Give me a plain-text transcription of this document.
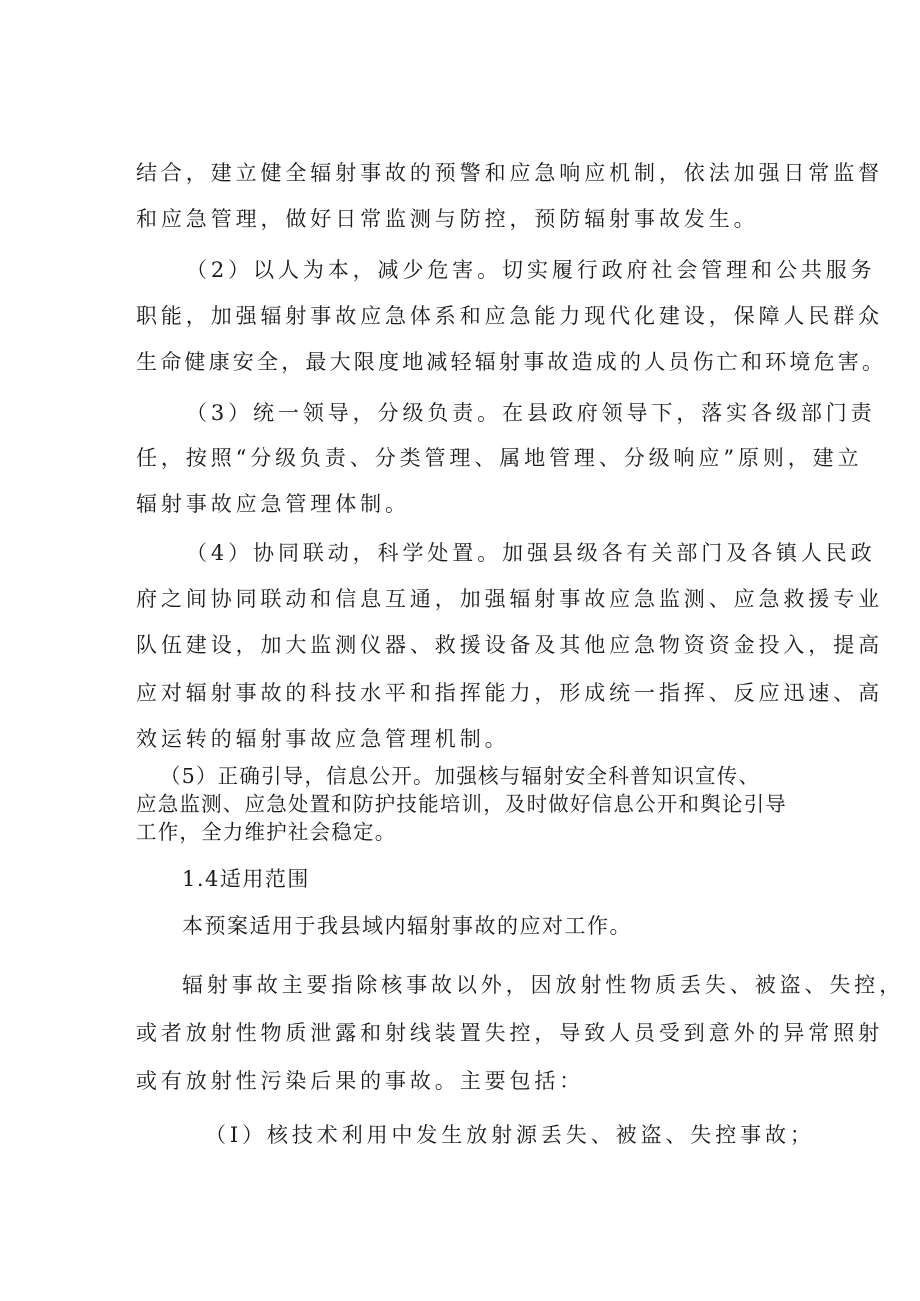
结合，建立健全辐射事故的预警和应急响应机制，依法加强日常监督

和应急管理，做好日常监测与防控，预防辐射事故发生。

（2）以人为本，减少危害。切实履行政府社会管理和公共服务

职能，加强辐射事故应急体系和应急能力现代化建设，保障人民群众

生命健康安全，最大限度地减轻辐射事故造成的人员伤亡和环境危害。

（3）统一领导，分级负责。在县政府领导下，落实各级部门责

任，按照“分级负责、分类管理、属地管理、分级响应”原则，建立

辐射事故应急管理体制。

（4）协同联动，科学处置。加强县级各有关部门及各镇人民政

府之间协同联动和信息互通，加强辐射事故应急监测、应急救援专业

队伍建设，加大监测仪器、救援设备及其他应急物资资金投入，提高

应对辐射事故的科技水平和指挥能力，形成统一指挥、反应迅速、高

效运转的辐射事故应急管理机制。

（5）正确引导，信息公开。加强核与辐射安全科普知识宣传、

应急监测、应急处置和防护技能培训，及时做好信息公开和舆论引导

工作，全力维护社会稳定。

1.4适用范围

本预案适用于我县域内辐射事故的应对工作。

辐射事故主要指除核事故以外，因放射性物质丢失、被盗、失控，

或者放射性物质泄露和射线装置失控，导致人员受到意外的异常照射

或有放射性污染后果的事故。主要包括：

（I）核技术利用中发生放射源丢失、被盗、失控事故；
